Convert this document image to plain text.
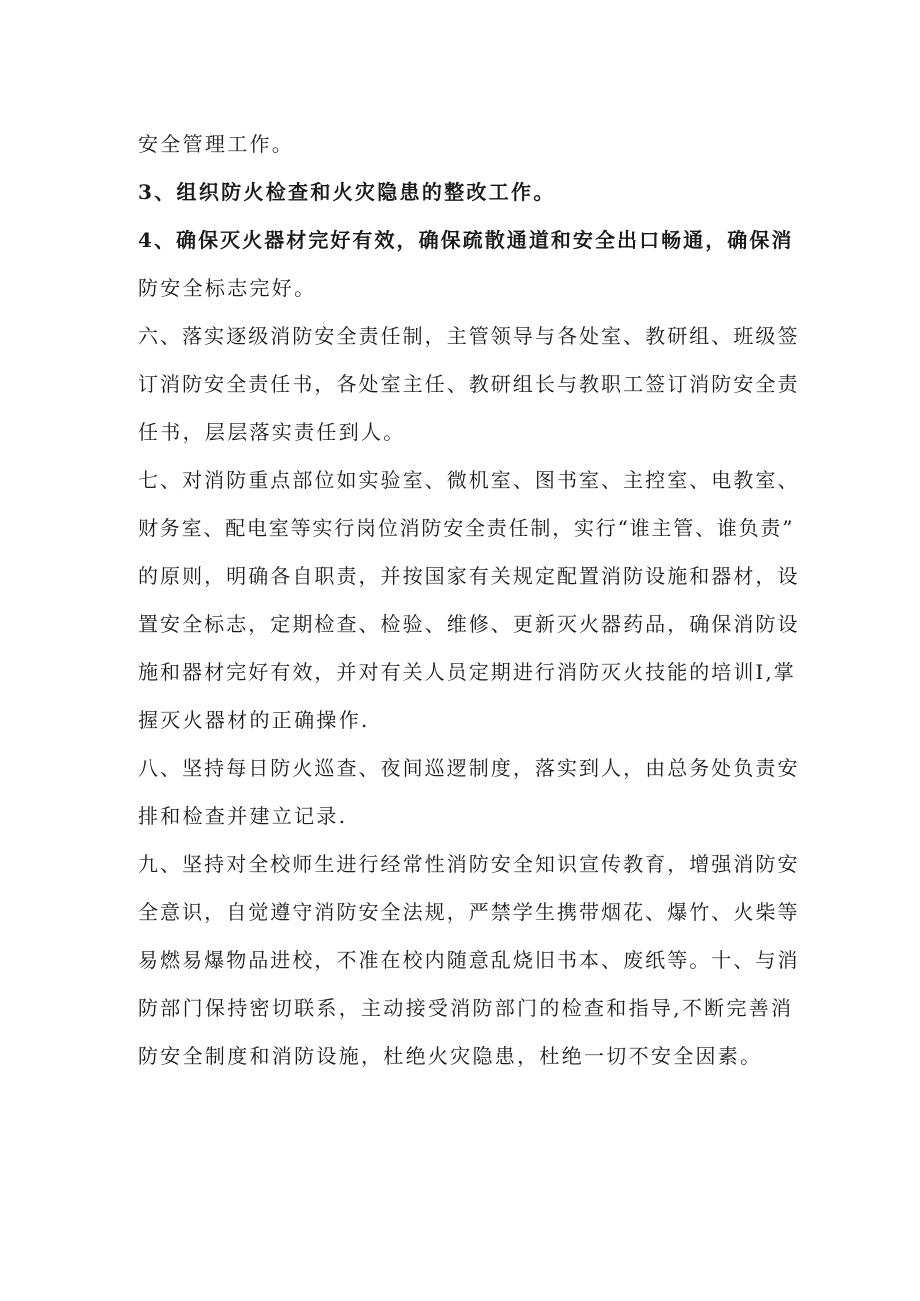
安全管理工作。
3、组织防火检查和火灾隐患的整改工作。
4、确保灭火器材完好有效，确保疏散通道和安全出口畅通，确保消
防安全标志完好。
六、落实逐级消防安全责任制，主管领导与各处室、教研组、班级签
订消防安全责任书，各处室主任、教研组长与教职工签订消防安全责
任书，层层落实责任到人。
七、对消防重点部位如实验室、微机室、图书室、主控室、电教室、
财务室、配电室等实行岗位消防安全责任制，实行“谁主管、谁负责”
的原则，明确各自职责，并按国家有关规定配置消防设施和器材，设
置安全标志，定期检查、检验、维修、更新灭火器药品，确保消防设
施和器材完好有效，并对有关人员定期进行消防灭火技能的培训I,掌
握灭火器材的正确操作.
八、坚持每日防火巡查、夜间巡逻制度，落实到人，由总务处负责安
排和检查并建立记录.
九、坚持对全校师生进行经常性消防安全知识宣传教育，增强消防安
全意识，自觉遵守消防安全法规，严禁学生携带烟花、爆竹、火柴等
易燃易爆物品进校，不准在校内随意乱烧旧书本、废纸等。十、与消
防部门保持密切联系，主动接受消防部门的检查和指导,不断完善消
防安全制度和消防设施，杜绝火灾隐患，杜绝一切不安全因素。
